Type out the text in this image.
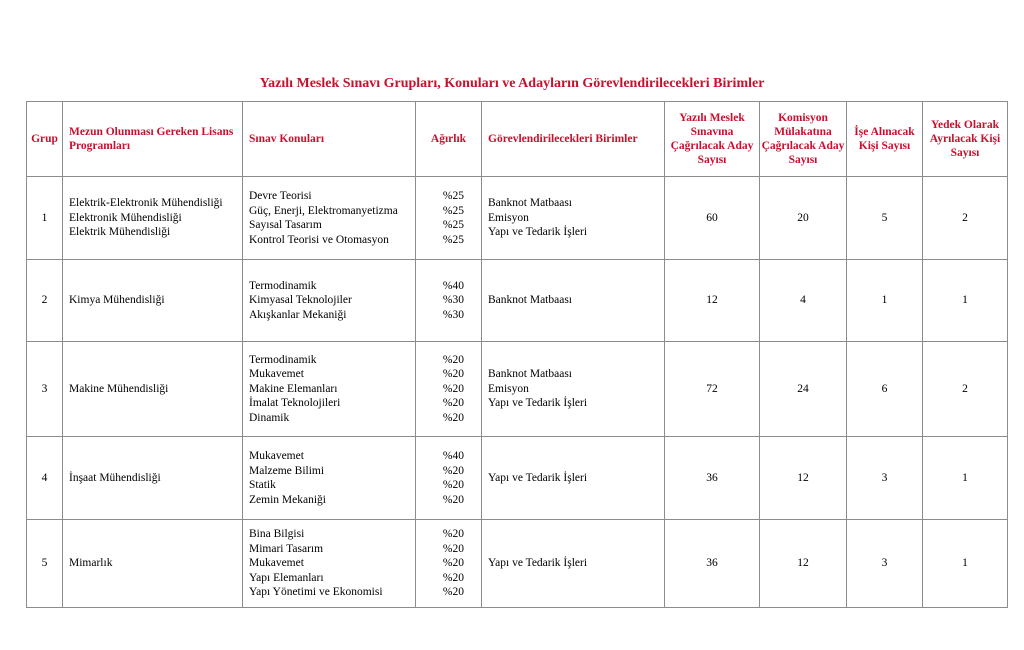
Yazılı Meslek Sınavı Grupları, Konuları ve Adayların Görevlendirilecekleri Birimler
Grup	Mezun Olunması Gereken Lisans Programları	Sınav Konuları	Ağırlık	Görevlendirilecekleri Birimler	Yazılı Meslek Sınavına Çağrılacak Aday Sayısı	Komisyon Mülakatına Çağrılacak Aday Sayısı	İşe Alınacak Kişi Sayısı	Yedek Olarak Ayrılacak Kişi Sayısı
1	Elektrik-Elektronik Mühendisliği
Elektronik Mühendisliği
Elektrik Mühendisliği	Devre Teorisi
Güç, Enerji, Elektromanyetizma
Sayısal Tasarım
Kontrol Teorisi ve Otomasyon	%25
%25
%25
%25	Banknot Matbaası
Emisyon
Yapı ve Tedarik İşleri	60	20	5	2
2	Kimya Mühendisliği	Termodinamik
Kimyasal Teknolojiler
Akışkanlar Mekaniği	%40
%30
%30	Banknot Matbaası	12	4	1	1
3	Makine Mühendisliği	Termodinamik
Mukavemet
Makine Elemanları
İmalat Teknolojileri
Dinamik	%20
%20
%20
%20
%20	Banknot Matbaası
Emisyon
Yapı ve Tedarik İşleri	72	24	6	2
4	İnşaat Mühendisliği	Mukavemet
Malzeme Bilimi
Statik
Zemin Mekaniği	%40
%20
%20
%20	Yapı ve Tedarik İşleri	36	12	3	1
5	Mimarlık	Bina Bilgisi
Mimari Tasarım
Mukavemet
Yapı Elemanları
Yapı Yönetimi ve Ekonomisi	%20
%20
%20
%20
%20	Yapı ve Tedarik İşleri	36	12	3	1
